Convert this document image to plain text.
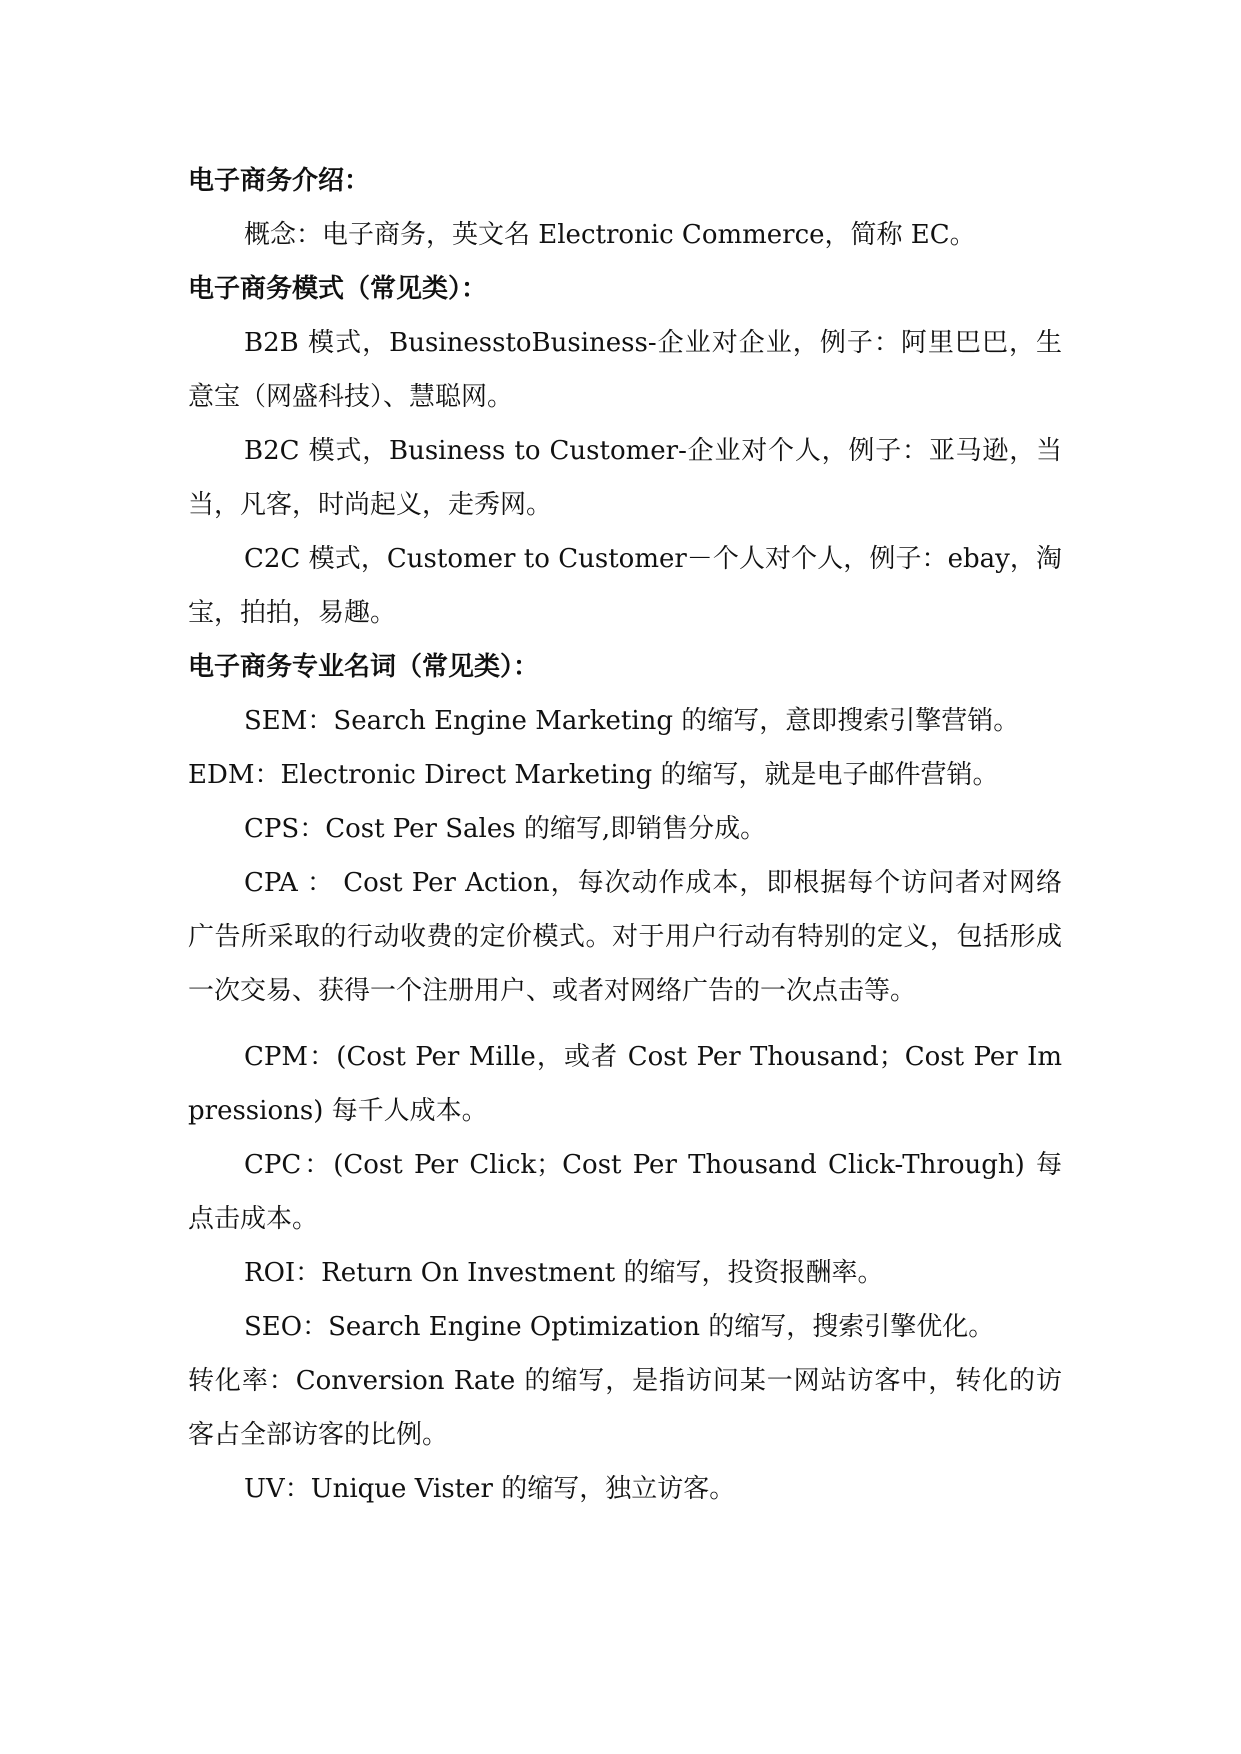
电子商务介绍：

概念：电子商务，英文名 Electronic Commerce，简称 EC。

电子商务模式（常见类）：

B2B 模式，BusinesstoBusiness-企业对企业，例子：阿里巴巴，生意宝（网盛科技）、慧聪网。

B2C 模式，Business to Customer-企业对个人，例子：亚马逊，当当，凡客，时尚起义，走秀网。

C2C 模式，Customer to Customer－个人对个人，例子：ebay，淘宝，拍拍，易趣。

电子商务专业名词（常见类）：

SEM：Search Engine Marketing 的缩写，意即搜索引擎营销。

EDM：Electronic Direct Marketing 的缩写，就是电子邮件营销。

CPS：Cost Per Sales 的缩写,即销售分成。

CPA ： Cost Per Action，每次动作成本，即根据每个访问者对网络广告所采取的行动收费的定价模式。对于用户行动有特别的定义，包括形成一次交易、获得一个注册用户、或者对网络广告的一次点击等。

CPM：(Cost Per Mille，或者 Cost Per Thousand；Cost Per Impressions) 每千人成本。

CPC：(Cost Per Click；Cost Per Thousand Click-Through) 每点击成本。

ROI：Return On Investment 的缩写，投资报酬率。

SEO：Search Engine Optimization 的缩写，搜索引擎优化。

转化率：Conversion Rate 的缩写，是指访问某一网站访客中，转化的访客占全部访客的比例。

UV：Unique Vister 的缩写，独立访客。
